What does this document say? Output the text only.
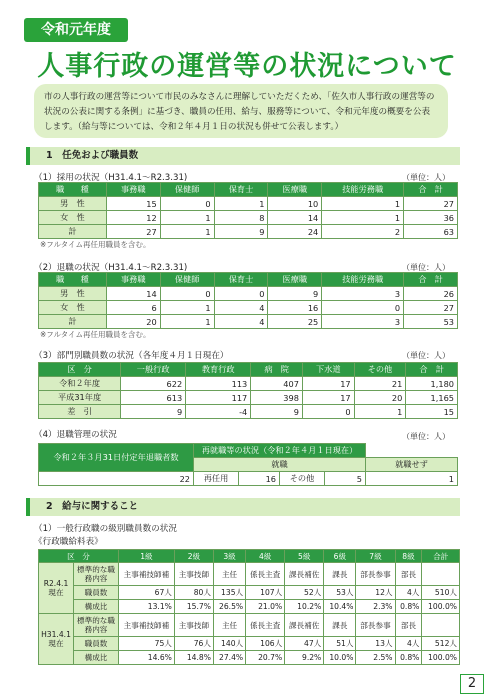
令和元年度
人事行政の運営等の状況について
市の人事行政の運営等について市民のみなさんに理解していただくため、「佐久市人事行政の運営等の状況の公表に関する条例」に基づき、職員の任用、給与、服務等について、令和元年度の概要を公表します。（給与等については、令和２年４月１日の状況も併せて公表します。）
1　任免および職員数
（1）採用の状況（H31.4.1～R2.3.31)	（単位：人）
職　　種	事務職	保健師	保育士	医療職	技能労務職	合　計
男　性	15	0	1	10	1	27
女　性	12	1	8	14	1	36
計	27	1	9	24	2	63
※フルタイム再任用職員を含む。
（2）退職の状況（H31.4.1～R2.3.31)	（単位：人）
職　　種	事務職	保健師	保育士	医療職	技能労務職	合　計
男　性	14	0	0	9	3	26
女　性	6	1	4	16	0	27
計	20	1	4	25	3	53
※フルタイム再任用職員を含む。
（3）部門別職員数の状況（各年度４月１日現在）	（単位：人）
区　分	一般行政	教育行政	病　院	下水道	その他	合　計
令和２年度	622	113	407	17	21	1,180
平成31年度	613	117	398	17	20	1,165
差　引	9	-4	9	0	1	15
（4）退職管理の状況	（単位：人）
令和２年３月31日付定年退職者数	再就職等の状況（令和２年４月１日現在）			
	就職				就職せず
22	再任用	16	その他	5	1
2　給与に関すること
（1）一般行政職の級別職員数の状況
《行政職給料表》
区　分		1級	2級	3級	4級	5級	6級	7級	8級	合計
R2.4.1現在	標準的な職務内容	主事補技師補	主事技師	主任	係長主査	課長補佐	課長	部長参事	部長	
	職員数	67人	80人	135人	107人	52人	53人	12人	4人	510人
	構成比	13.1%	15.7%	26.5%	21.0%	10.2%	10.4%	2.3%	0.8%	100.0%
H31.4.1現在	標準的な職務内容	主事補技師補	主事技師	主任	係長主査	課長補佐	課長	部長参事	部長	
	職員数	75人	76人	140人	106人	47人	51人	13人	4人	512人
	構成比	14.6%	14.8%	27.4%	20.7%	9.2%	10.0%	2.5%	0.8%	100.0%
2
